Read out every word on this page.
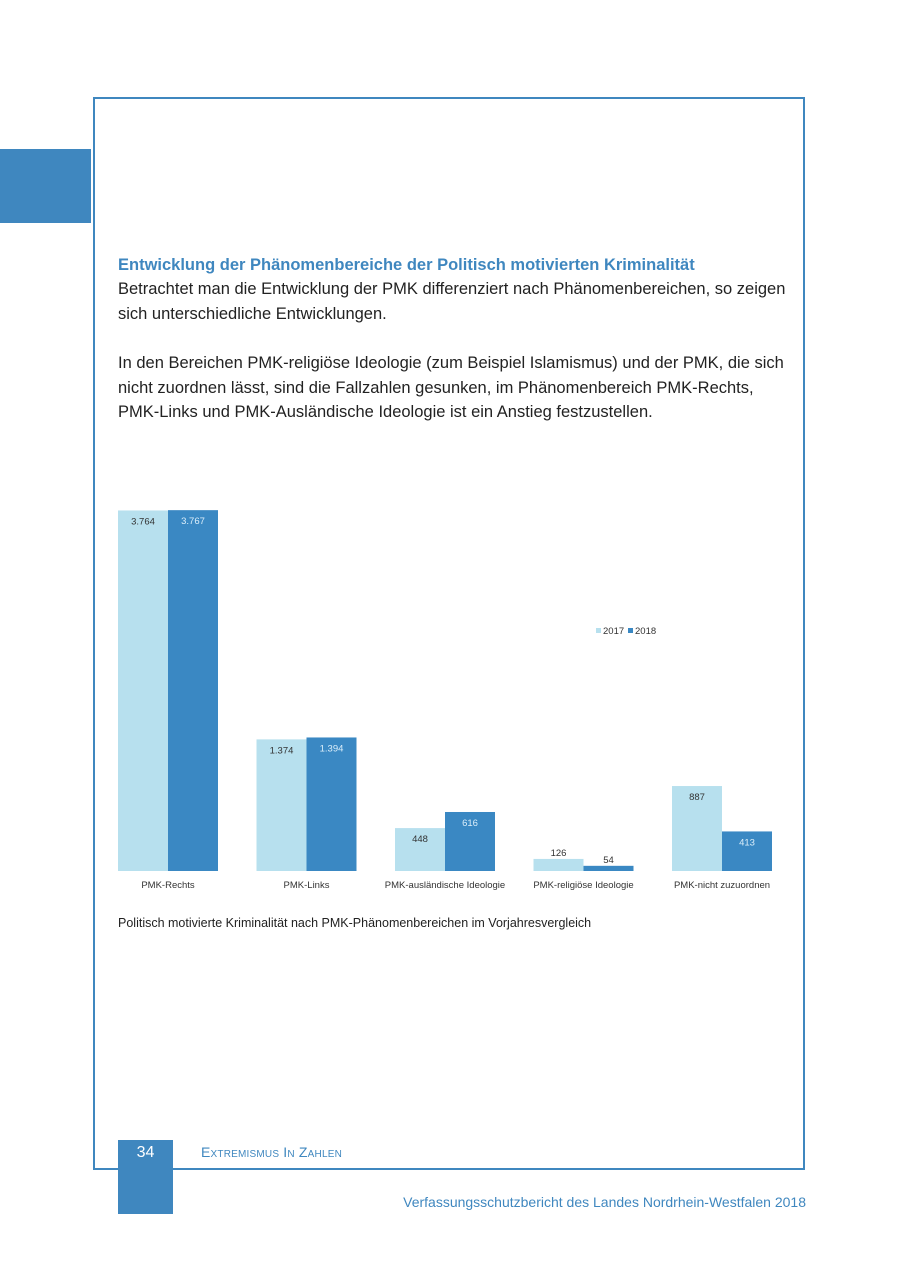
Entwicklung der Phänomenbereiche der Politisch motivierten Kriminalität

Betrachtet man die Entwicklung der PMK differenziert nach Phänomenbereichen, so zeigen sich unterschiedliche Entwicklungen.

In den Bereichen PMK-religiöse Ideologie (zum Beispiel Islamismus) und der PMK, die sich nicht zuordnen lässt, sind die Fallzahlen gesunken, im Phänomenbereich PMK-Rechts, PMK-Links und PMK-Ausländische Ideologie ist ein Anstieg festzustellen.

3.764	3.767
PMK-Rechts
1.374	1.394
PMK-Links
448
616
PMK-ausländische Ideologie
126
54
PMK-religiöse Ideologie
887
413
PMK-nicht zuzuordnen
2017 2018

Politisch motivierte Kriminalität nach PMK-Phänomenbereichen im Vorjahresvergleich

34	Extremismus In Zahlen
Verfassungsschutzbericht des Landes Nordrhein-Westfalen 2018
